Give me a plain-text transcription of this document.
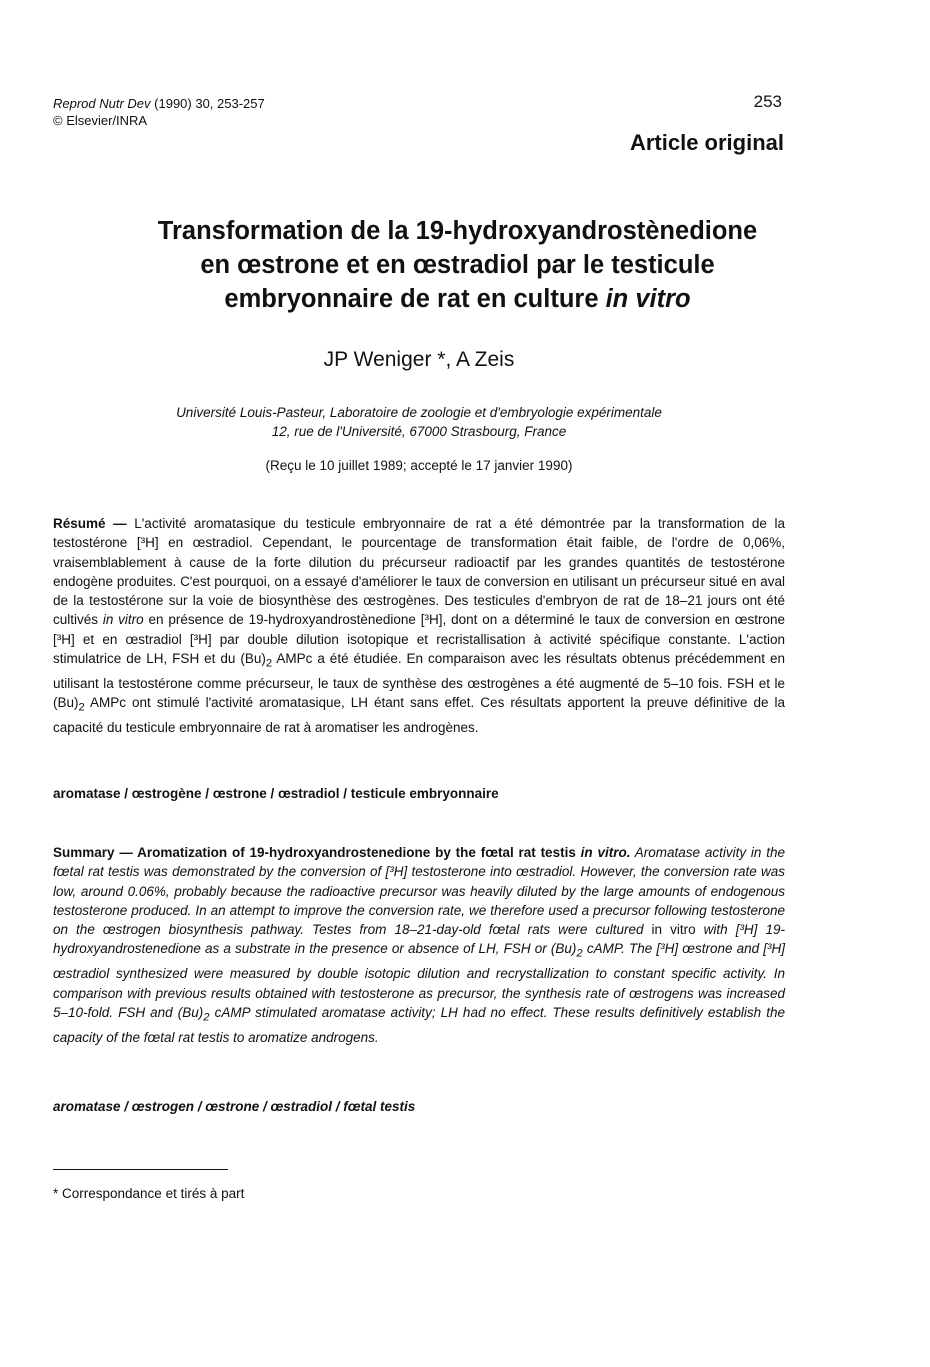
Reprod Nutr Dev (1990) 30, 253-257
© Elsevier/INRA
253
Article original
Transformation de la 19-hydroxyandrostènedione
en œstrone et en œstradiol par le testicule
embryonnaire de rat en culture in vitro
JP Weniger *, A Zeis
Université Louis-Pasteur, Laboratoire de zoologie et d'embryologie expérimentale
12, rue de l'Université, 67000 Strasbourg, France
(Reçu le 10 juillet 1989; accepté le 17 janvier 1990)
Résumé — L'activité aromatasique du testicule embryonnaire de rat a été démontrée par la transformation de la testostérone [³H] en œstradiol. Cependant, le pourcentage de transformation était faible, de l'ordre de 0,06%, vraisemblablement à cause de la forte dilution du précurseur radioactif par les grandes quantités de testostérone endogène produites. C'est pourquoi, on a essayé d'améliorer le taux de conversion en utilisant un précurseur situé en aval de la testostérone sur la voie de biosynthèse des œstrogènes. Des testicules d'embryon de rat de 18–21 jours ont été cultivés in vitro en présence de 19-hydroxyandrostènedione [³H], dont on a déterminé le taux de conversion en œstrone [³H] et en œstradiol [³H] par double dilution isotopique et recristallisation à activité spécifique constante. L'action stimulatrice de LH, FSH et du $(Bu)_2$ AMPc a été étudiée. En comparaison avec les résultats obtenus précédemment en utilisant la testostérone comme précurseur, le taux de synthèse des œstrogènes a été augmenté de 5–10 fois. FSH et le $(Bu)_2$ AMPc ont stimulé l'activité aromatasique, LH étant sans effet. Ces résultats apportent la preuve définitive de la capacité du testicule embryonnaire de rat à aromatiser les androgènes.
aromatase / œstrogène / œstrone / œstradiol / testicule embryonnaire
Summary — Aromatization of 19-hydroxyandrostenedione by the fœtal rat testis in vitro. Aromatase activity in the fœtal rat testis was demonstrated by the conversion of [³H] testosterone into œstradiol. However, the conversion rate was low, around 0.06%, probably because the radioactive precursor was heavily diluted by the large amounts of endogenous testosterone produced. In an attempt to improve the conversion rate, we therefore used a precursor following testosterone on the œstrogen biosynthesis pathway. Testes from 18–21-day-old fœtal rats were cultured in vitro with [³H] 19-hydroxyandrostenedione as a substrate in the presence or absence of LH, FSH or $(Bu)_2$ cAMP. The [³H] œstrone and [³H] œstradiol synthesized were measured by double isotopic dilution and recrystallization to constant specific activity. In comparison with previous results obtained with testosterone as precursor, the synthesis rate of œstrogens was increased 5–10-fold. FSH and $(Bu)_2$ cAMP stimulated aromatase activity; LH had no effect. These results definitively establish the capacity of the fœtal rat testis to aromatize androgens.
aromatase / œstrogen / œstrone / œstradiol / fœtal testis
* Correspondance et tirés à part
